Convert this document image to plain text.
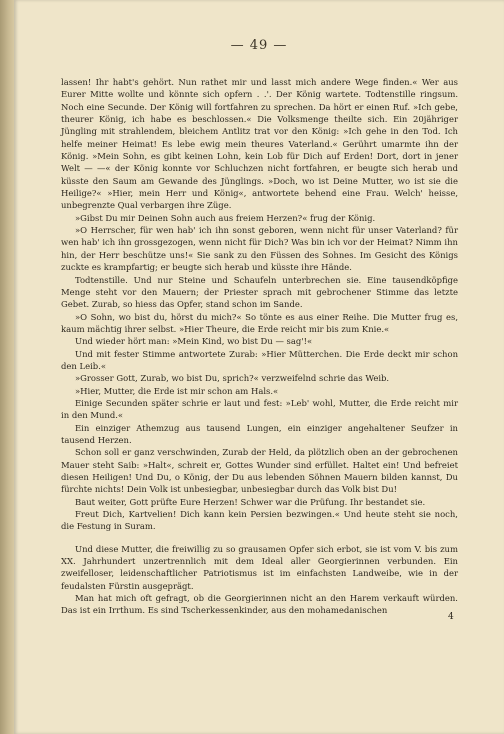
— 49 —

lassen! Ihr habt's gehört. Nun rathet mir und lasst mich andere Wege finden.« Wer aus Eurer Mitte wollte und könnte sich opfern . .'. Der König wartete. Todtenstille ringsum. Noch eine Secunde. Der König will fortfahren zu sprechen. Da hört er einen Ruf. »Ich gebe, theurer König, ich habe es beschlossen.« Die Volksmenge theilte sich. Ein 20jähriger Jüngling mit strahlendem, bleichem Antlitz trat vor den König: »Ich gehe in den Tod. Ich helfe meiner Heimat! Es lebe ewig mein theures Vaterland.« Gerührt umarmte ihn der König. »Mein Sohn, es gibt keinen Lohn, kein Lob für Dich auf Erden! Dort, dort in jener Welt — —« der König konnte vor Schluchzen nicht fortfahren, er beugte sich herab und küsste den Saum am Gewande des Jünglings. »Doch, wo ist Deine Mutter, wo ist sie die Heilige?« »Hier, mein Herr und König«, antwortete behend eine Frau. Welch' heisse, unbegrenzte Qual verbargen ihre Züge.

»Gibst Du mir Deinen Sohn auch aus freiem Herzen?« frug der König.

»O Herrscher, für wen hab' ich ihn sonst geboren, wenn nicht für unser Vaterland? für wen hab' ich ihn grossgezogen, wenn nicht für Dich? Was bin ich vor der Heimat? Nimm ihn hin, der Herr beschütze uns!« Sie sank zu den Füssen des Sohnes. Im Gesicht des Königs zuckte es krampfartig; er beugte sich herab und küsste ihre Hände.

Todtenstille. Und nur Steine und Schaufeln unterbrechen sie. Eine tausendköpfige Menge steht vor den Mauern; der Priester sprach mit gebrochener Stimme das letzte Gebet. Zurab, so hiess das Opfer, stand schon im Sande.

»O Sohn, wo bist du, hörst du mich?« So tönte es aus einer Reihe. Die Mutter frug es, kaum mächtig ihrer selbst. »Hier Theure, die Erde reicht mir bis zum Knie.«

Und wieder hört man: »Mein Kind, wo bist Du — sag'!«

Und mit fester Stimme antwortete Zurab: »Hier Mütterchen. Die Erde deckt mir schon den Leib.«

»Grosser Gott, Zurab, wo bist Du, sprich?« verzweifelnd schrie das Weib.

»Hier, Mutter, die Erde ist mir schon am Hals.«

Einige Secunden später schrie er laut und fest: »Leb' wohl, Mutter, die Erde reicht mir in den Mund.«

Ein einziger Athemzug aus tausend Lungen, ein einziger angehaltener Seufzer in tausend Herzen.

Schon soll er ganz verschwinden, Zurab der Held, da plötzlich oben an der gebrochenen Mauer steht Saib: »Halt«, schreit er, Gottes Wunder sind erfüllet. Haltet ein! Und befreiet diesen Heiligen! Und Du, o König, der Du aus lebenden Söhnen Mauern bilden kannst, Du fürchte nichts! Dein Volk ist unbesiegbar, unbesiegbar durch das Volk bist Du!

Baut weiter, Gott prüfte Eure Herzen! Schwer war die Prüfung. Ihr bestandet sie.

Freut Dich, Kartvelien! Dich kann kein Persien bezwingen.« Und heute steht sie noch, die Festung in Suram.

Und diese Mutter, die freiwillig zu so grausamen Opfer sich erbot, sie ist vom V. bis zum XX. Jahrhundert unzertrennlich mit dem Ideal aller Georgierinnen verbunden. Ein zweifelloser, leidenschaftlicher Patriotismus ist im einfachsten Landweibe, wie in der feudalsten Fürstin ausgeprägt.

Man hat mich oft gefragt, ob die Georgierinnen nicht an den Harem verkauft würden. Das ist ein Irrthum. Es sind Tscherkessenkinder, aus den mohamedanischen

4
